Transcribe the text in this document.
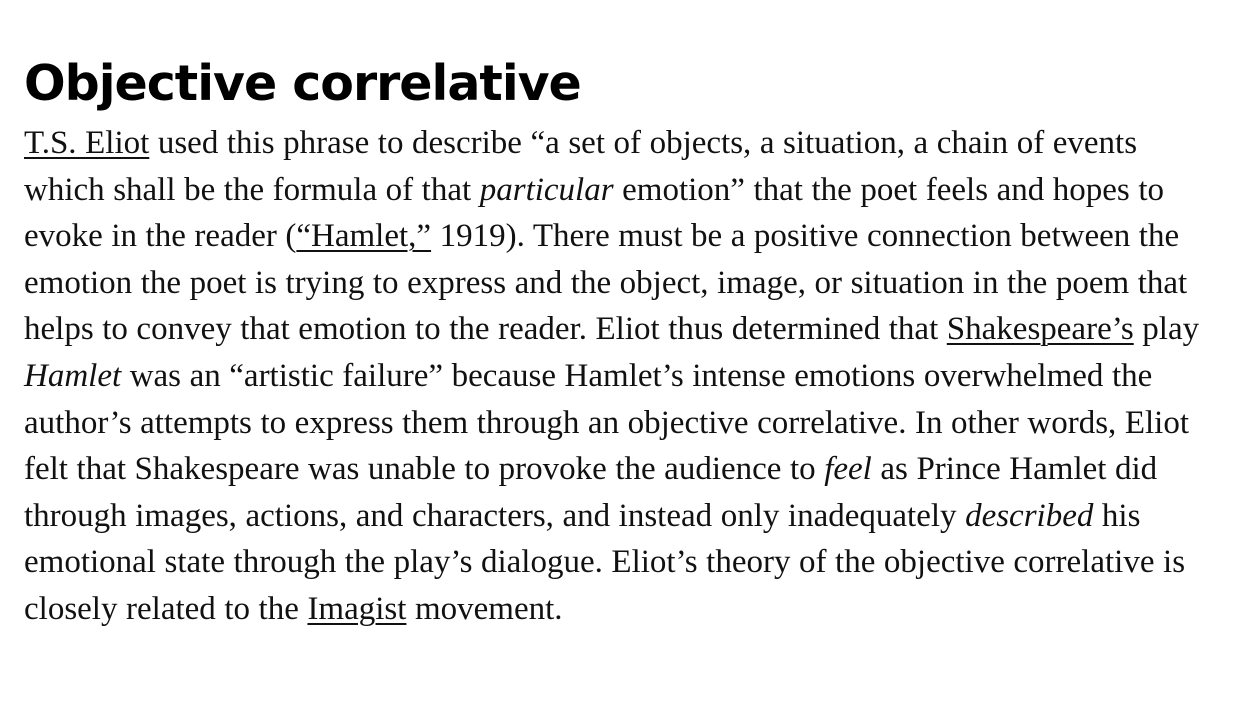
Objective correlative

T.S. Eliot used this phrase to describe “a set of objects, a situation, a chain of events which shall be the formula of that particular emotion” that the poet feels and hopes to evoke in the reader (“Hamlet,” 1919). There must be a positive connection between the emotion the poet is trying to express and the object, image, or situation in the poem that helps to convey that emotion to the reader. Eliot thus determined that Shakespeare’s play Hamlet was an “artistic failure” because Hamlet’s intense emotions overwhelmed the author’s attempts to express them through an objective correlative. In other words, Eliot felt that Shakespeare was unable to provoke the audience to feel as Prince Hamlet did through images, actions, and characters, and instead only inadequately described his emotional state through the play’s dialogue. Eliot’s theory of the objective correlative is closely related to the Imagist movement.
